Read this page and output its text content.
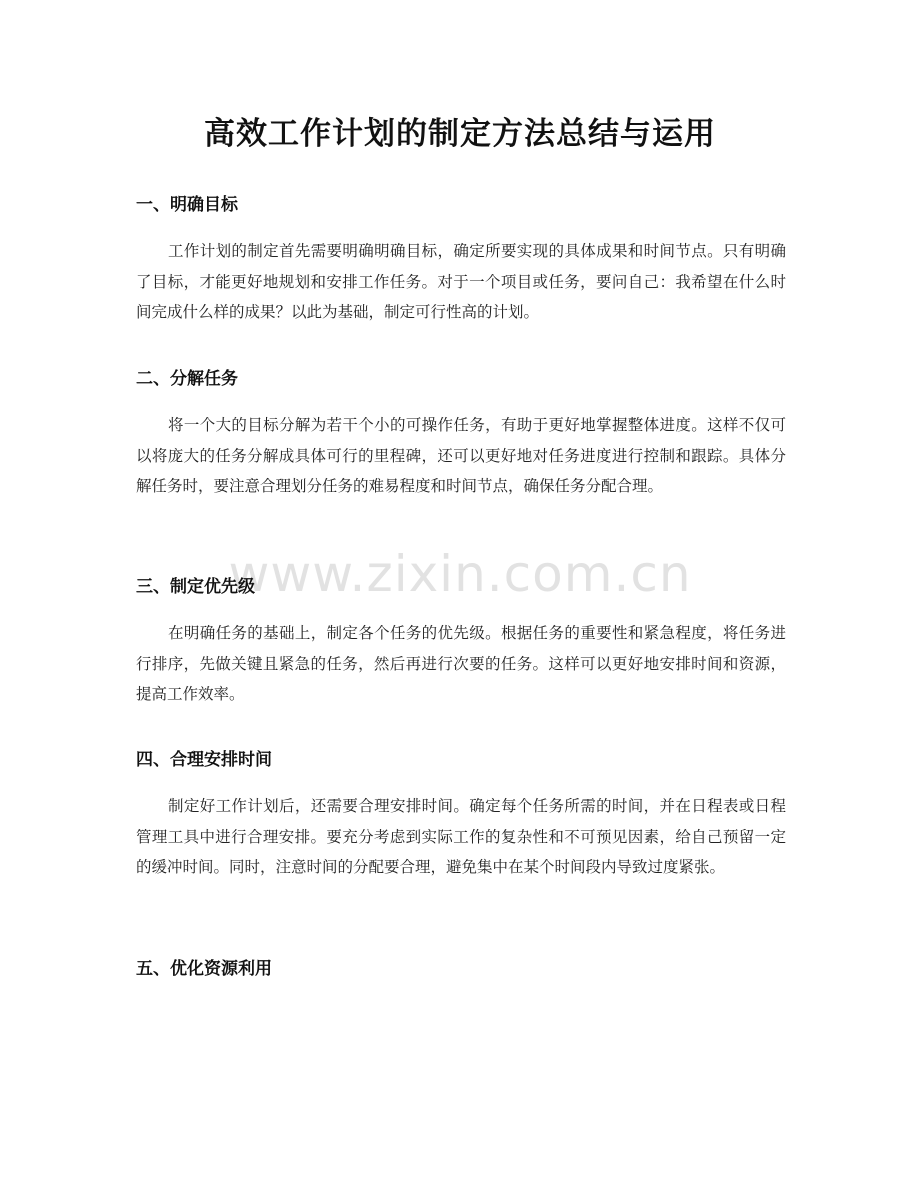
高效工作计划的制定方法总结与运用
一、明确目标
工作计划的制定首先需要明确明确目标，确定所要实现的具体成果和时间节点。只有明确了目标，才能更好地规划和安排工作任务。对于一个项目或任务，要问自己：我希望在什么时间完成什么样的成果？以此为基础，制定可行性高的计划。
二、分解任务
将一个大的目标分解为若干个小的可操作任务，有助于更好地掌握整体进度。这样不仅可以将庞大的任务分解成具体可行的里程碑，还可以更好地对任务进度进行控制和跟踪。具体分解任务时，要注意合理划分任务的难易程度和时间节点，确保任务分配合理。
www.zixin.com.cn
三、制定优先级
在明确任务的基础上，制定各个任务的优先级。根据任务的重要性和紧急程度，将任务进行排序，先做关键且紧急的任务，然后再进行次要的任务。这样可以更好地安排时间和资源，提高工作效率。
四、合理安排时间
制定好工作计划后，还需要合理安排时间。确定每个任务所需的时间，并在日程表或日程管理工具中进行合理安排。要充分考虑到实际工作的复杂性和不可预见因素，给自己预留一定的缓冲时间。同时，注意时间的分配要合理，避免集中在某个时间段内导致过度紧张。
五、优化资源利用
